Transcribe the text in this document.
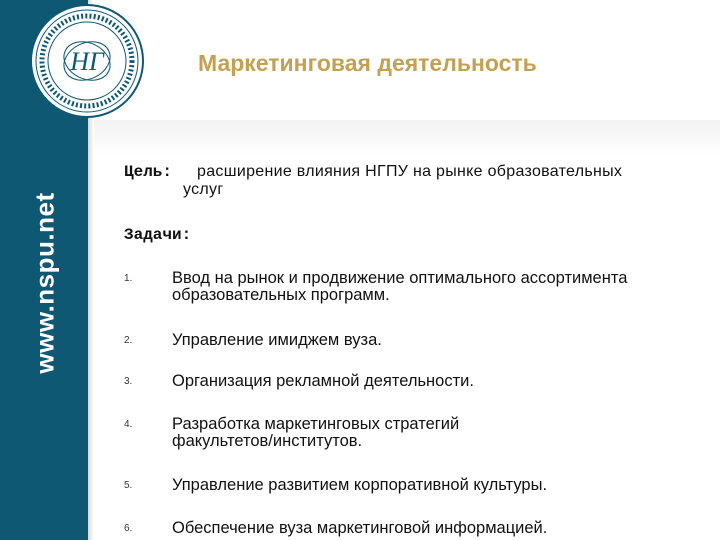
www.nspu.net
НГ	Маркетинговая деятельность
Цель: расширение влияния НГПУ на рынке образовательных
услуг
Задачи:
1. Ввод на рынок и продвижение оптимального ассортимента
образовательных программ.
2. Управление имиджем вуза.
3. Организация рекламной деятельности.
4. Разработка маркетинговых стратегий
факультетов/институтов.
5. Управление развитием корпоративной культуры.
6. Обеспечение вуза маркетинговой информацией.
